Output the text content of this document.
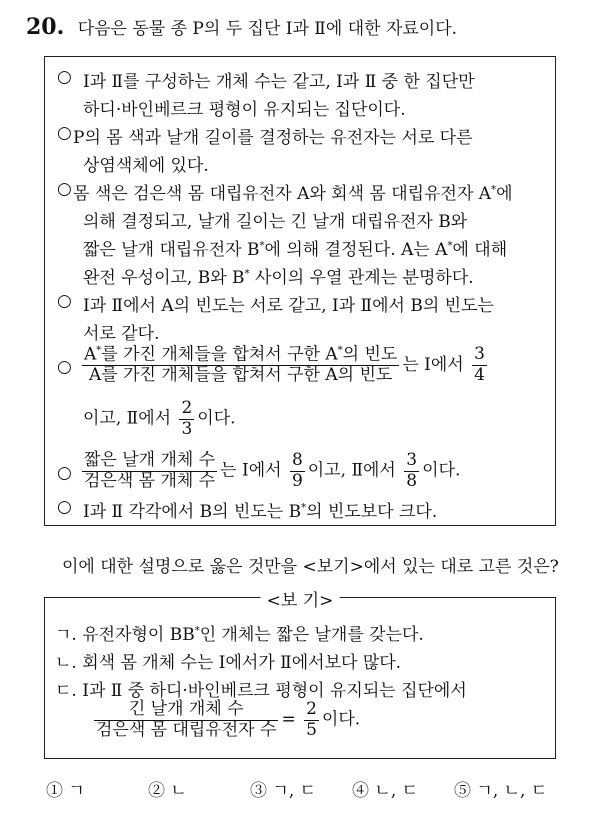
20. 다음은 동물 종 P의 두 집단 Ⅰ과 Ⅱ에 대한 자료이다.
○ Ⅰ과 Ⅱ를 구성하는 개체 수는 같고, Ⅰ과 Ⅱ 중 한 집단만
하디·바인베르크 평형이 유지되는 집단이다.
○ P의 몸 색과 날개 길이를 결정하는 유전자는 서로 다른
상염색체에 있다.
○ 몸 색은 검은색 몸 대립유전자 A와 회색 몸 대립유전자 A*에
의해 결정되고, 날개 길이는 긴 날개 대립유전자 B와
짧은 날개 대립유전자 B*에 의해 결정된다. A는 A*에 대해
완전 우성이고, B와 B* 사이의 우열 관계는 분명하다.
○ Ⅰ과 Ⅱ에서 A의 빈도는 서로 같고, Ⅰ과 Ⅱ에서 B의 빈도는
서로 같다.
○ $\frac{A^*를 가진 개체들을 합쳐서 구한 A^*의 빈도}{\text{A를 가진 개체들을 합쳐서 구한 A의 빈도}}$ 는 Ⅰ에서 $\frac{3}{4}$
이고, Ⅱ에서 $\frac{2}{3}$ 이다.
○ $\frac{\text{짧은 날개 개체 수}}{\text{검은색 몸 개체 수}}$ 는 Ⅰ에서 $\frac{8}{9}$ 이고, Ⅱ에서 $\frac{3}{8}$ 이다.
○ Ⅰ과 Ⅱ 각각에서 B의 빈도는 B*의 빈도보다 크다.
이에 대한 설명으로 옳은 것만을 <보기>에서 있는 대로 고른 것은?
<보 기>
ㄱ. 유전자형이 BB*인 개체는 짧은 날개를 갖는다.
ㄴ. 회색 몸 개체 수는 Ⅰ에서가 Ⅱ에서보다 많다.
ㄷ. Ⅰ과 Ⅱ 중 하디·바인베르크 평형이 유지되는 집단에서
$\frac{\text{긴 날개 개체 수}}{\text{검은색 몸 대립유전자 수}} = \frac{2}{5}$ 이다.
① ㄱ	② ㄴ	③ ㄱ, ㄷ ④ ㄴ, ㄷ ⑤ ㄱ, ㄴ, ㄷ
